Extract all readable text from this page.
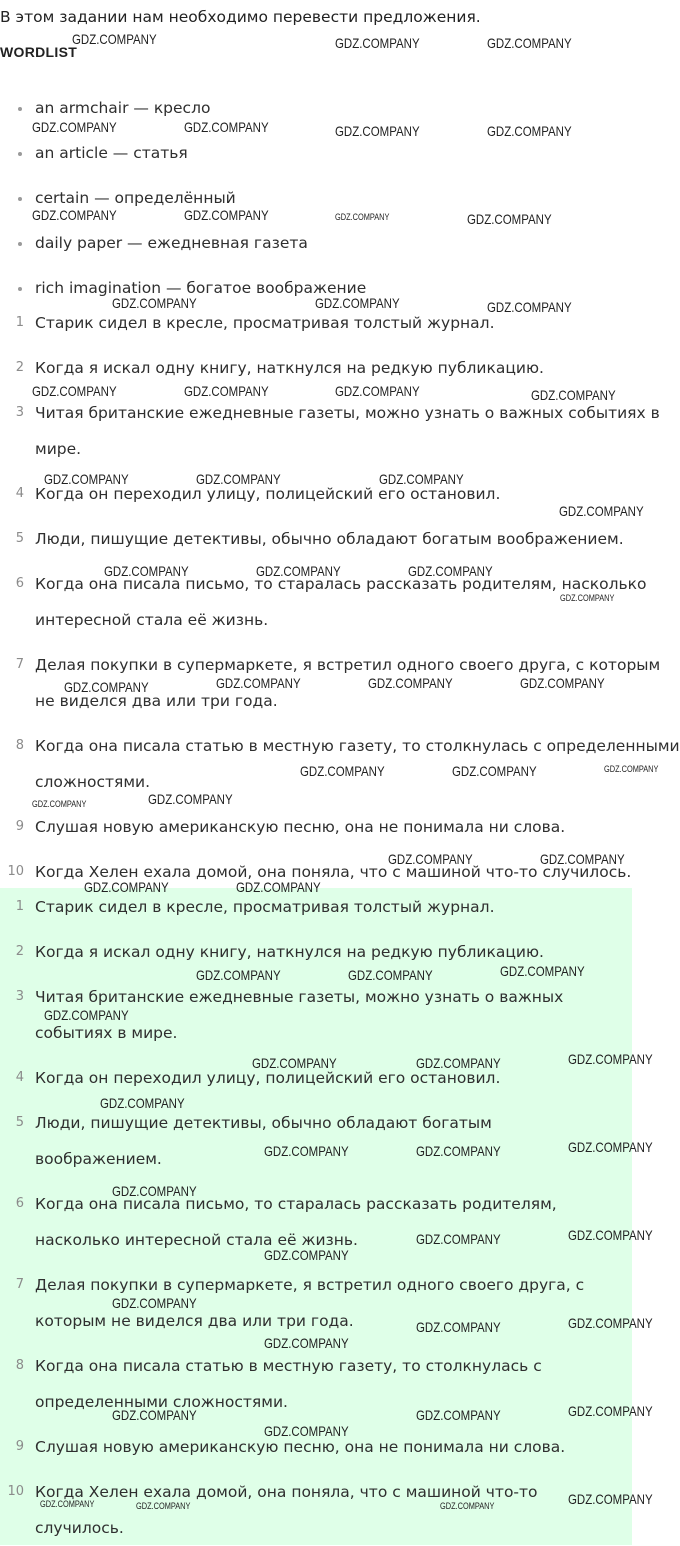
В этом задании нам необходимо перевести предложения.
WORDLIST
an armchair — кресло
an article — статья
certain — определённый
daily paper — ежедневная газета
rich imagination — богатое воображение
1 Старик сидел в кресле, просматривая толстый журнал.
2 Когда я искал одну книгу, наткнулся на редкую публикацию.
3 Читая британские ежедневные газеты, можно узнать о важных событиях в мире.
4 Когда он переходил улицу, полицейский его остановил.
5 Люди, пишущие детективы, обычно обладают богатым воображением.
6 Когда она писала письмо, то старалась рассказать родителям, насколько интересной стала её жизнь.
7 Делая покупки в супермаркете, я встретил одного своего друга, с которым не виделся два или три года.
8 Когда она писала статью в местную газету, то столкнулась с определенными сложностями.
9 Слушая новую американскую песню, она не понимала ни слова.
10 Когда Хелен ехала домой, она поняла, что с машиной что-то случилось.
1 Старик сидел в кресле, просматривая толстый журнал.
2 Когда я искал одну книгу, наткнулся на редкую публикацию.
3 Читая британские ежедневные газеты, можно узнать о важных событиях в мире.
4 Когда он переходил улицу, полицейский его остановил.
5 Люди, пишущие детективы, обычно обладают богатым воображением.
6 Когда она писала письмо, то старалась рассказать родителям, насколько интересной стала её жизнь.
7 Делая покупки в супермаркете, я встретил одного своего друга, с которым не виделся два или три года.
8 Когда она писала статью в местную газету, то столкнулась с определенными сложностями.
9 Слушая новую американскую песню, она не понимала ни слова.
10 Когда Хелен ехала домой, она поняла, что с машиной что-то случилось.
GDZ.COMPANY	GDZ.COMPANY	GDZ.COMPANY
GDZ.COMPANY	GDZ.COMPANY	GDZ.COMPANY	GDZ.COMPANY
GDZ.COMPANY	GDZ.COMPANY	GDZ.COMPANY	GDZ.COMPANY
GDZ.COMPANY	GDZ.COMPANY	GDZ.COMPANY
GDZ.COMPANY	GDZ.COMPANY	GDZ.COMPANY	GDZ.COMPANY
GDZ.COMPANY	GDZ.COMPANY	GDZ.COMPANY
GDZ.COMPANY
GDZ.COMPANY	GDZ.COMPANY	GDZ.COMPANY
GDZ.COMPANY
GDZ.COMPANY	GDZ.COMPANY	GDZ.COMPANY	GDZ.COMPANY
GDZ.COMPANY	GDZ.COMPANY	GDZ.COMPANY
GDZ.COMPANY	GDZ.COMPANY
GDZ.COMPANY	GDZ.COMPANY
GDZ.COMPANY	GDZ.COMPANY
GDZ.COMPANY	GDZ.COMPANY	GDZ.COMPANY
GDZ.COMPANY
GDZ.COMPANY	GDZ.COMPANY	GDZ.COMPANY
GDZ.COMPANY
GDZ.COMPANY	GDZ.COMPANY	GDZ.COMPANY
GDZ.COMPANY
GDZ.COMPANY	GDZ.COMPANY
GDZ.COMPANY
GDZ.COMPANY
GDZ.COMPANY	GDZ.COMPANY
GDZ.COMPANY
GDZ.COMPANY	GDZ.COMPANY	GDZ.COMPANY
GDZ.COMPANY
GDZ.COMPANY
GDZ.COMPANY	GDZ.COMPANY	GDZ.COMPANY
